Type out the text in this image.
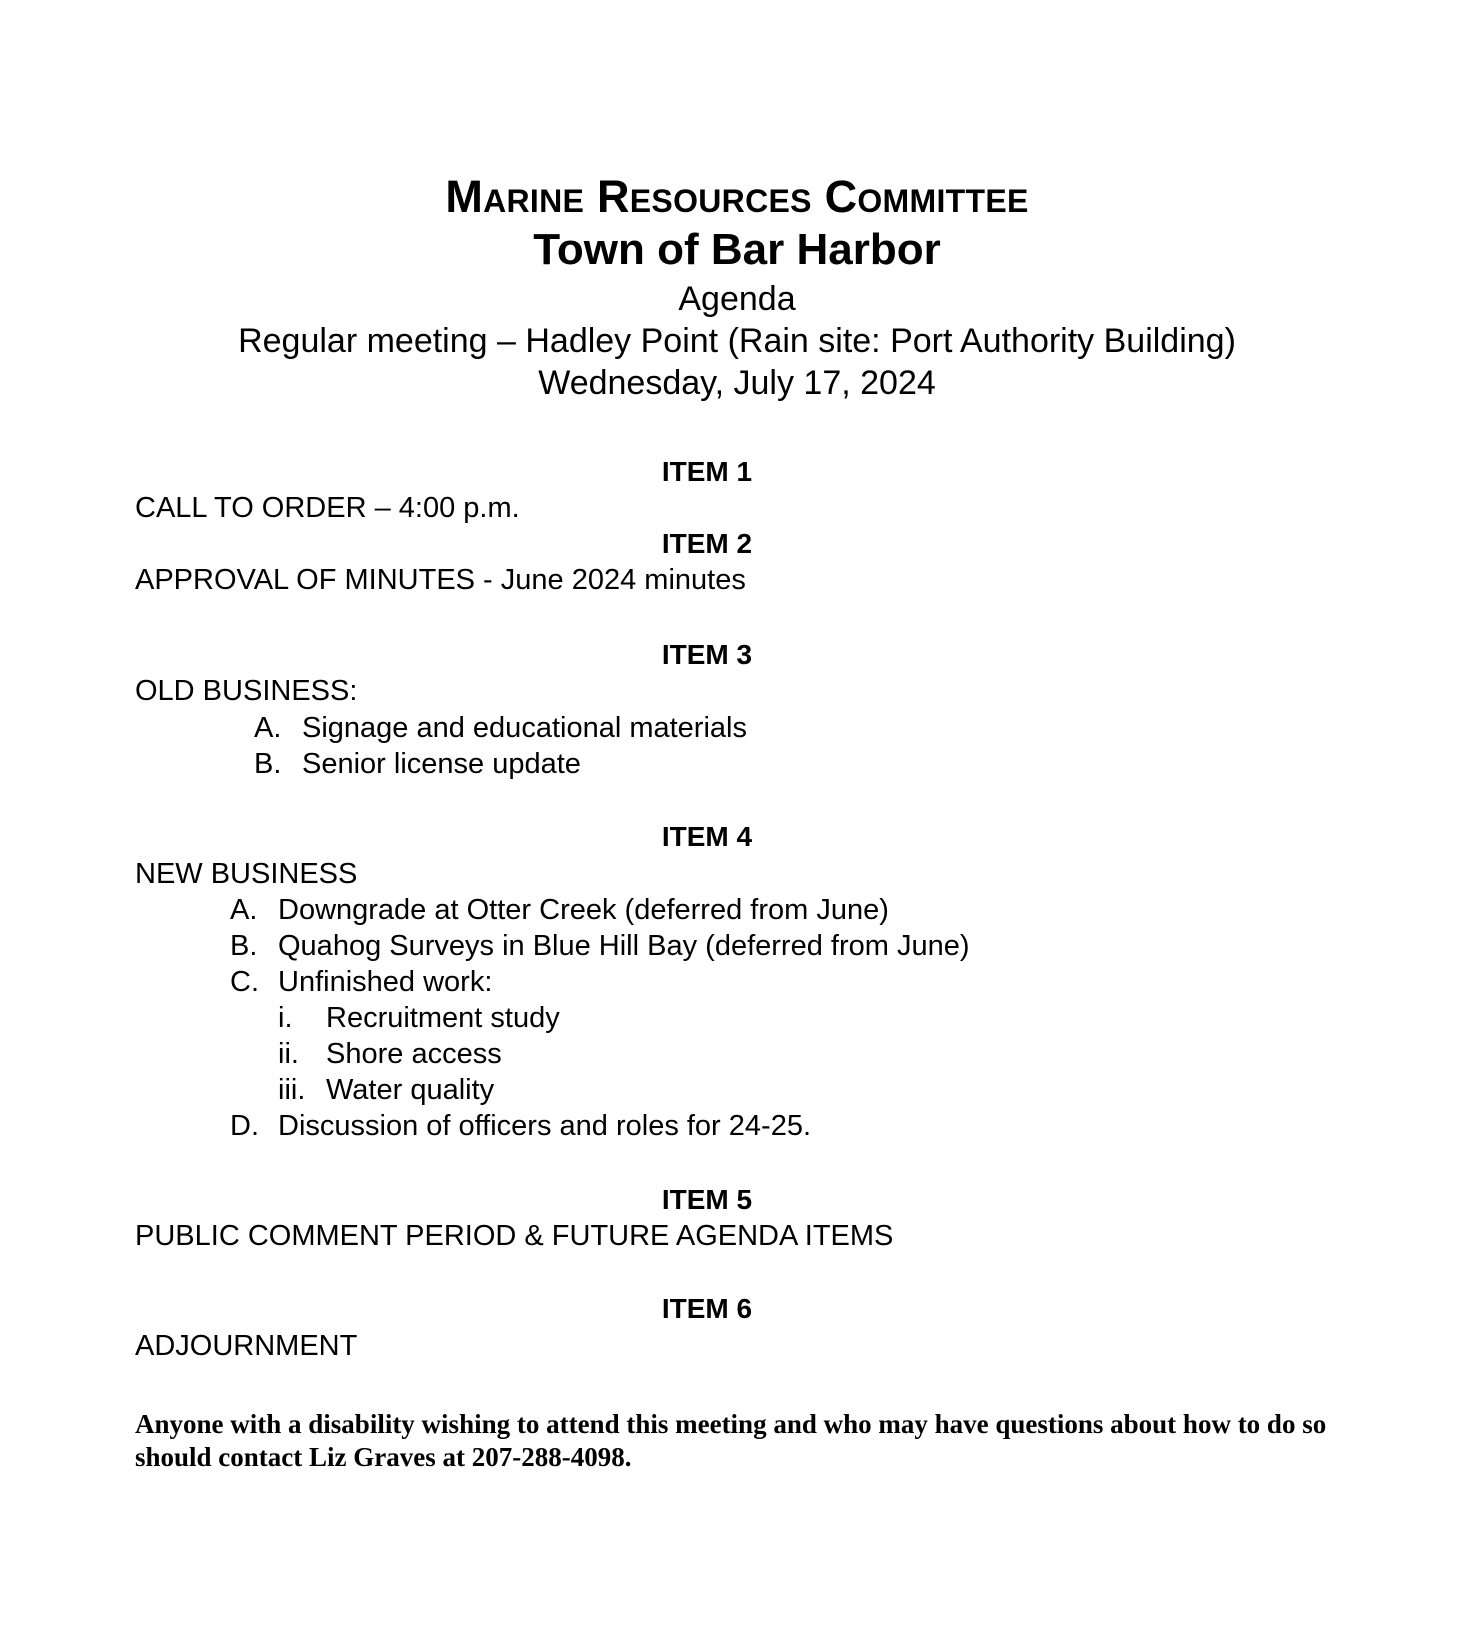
Marine Resources Committee
Town of Bar Harbor
Agenda
Regular meeting – Hadley Point (Rain site: Port Authority Building)
Wednesday, July 17, 2024
ITEM 1
CALL TO ORDER – 4:00 p.m.
ITEM 2
APPROVAL OF MINUTES - June 2024 minutes
ITEM 3
OLD BUSINESS:
A. Signage and educational materials
B. Senior license update
ITEM 4
NEW BUSINESS
A. Downgrade at Otter Creek (deferred from June)
B. Quahog Surveys in Blue Hill Bay (deferred from June)
C. Unfinished work:
i. Recruitment study
ii. Shore access
iii. Water quality
D. Discussion of officers and roles for 24-25.
ITEM 5
PUBLIC COMMENT PERIOD & FUTURE AGENDA ITEMS
ITEM 6
ADJOURNMENT
Anyone with a disability wishing to attend this meeting and who may have questions about how to do so should contact Liz Graves at 207-288-4098.
